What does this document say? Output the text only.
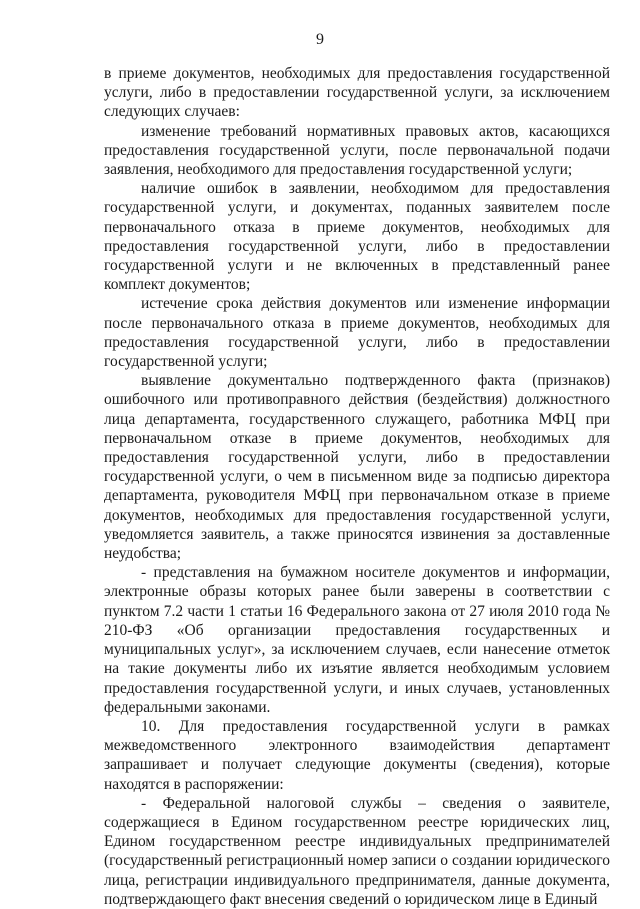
9

в приеме документов, необходимых для предоставления государственной услуги, либо в предоставлении государственной услуги, за исключением следующих случаев:

изменение требований нормативных правовых актов, касающихся предоставления государственной услуги, после первоначальной подачи заявления, необходимого для предоставления государственной услуги;

наличие ошибок в заявлении, необходимом для предоставления государственной услуги, и документах, поданных заявителем после первоначального отказа в приеме документов, необходимых для предоставления государственной услуги, либо в предоставлении государственной услуги и не включенных в представленный ранее комплект документов;

истечение срока действия документов или изменение информации после первоначального отказа в приеме документов, необходимых для предоставления государственной услуги, либо в предоставлении государственной услуги;

выявление документально подтвержденного факта (признаков) ошибочного или противоправного действия (бездействия) должностного лица департамента, государственного служащего, работника МФЦ при первоначальном отказе в приеме документов, необходимых для предоставления государственной услуги, либо в предоставлении государственной услуги, о чем в письменном виде за подписью директора департамента, руководителя МФЦ при первоначальном отказе в приеме документов, необходимых для предоставления государственной услуги, уведомляется заявитель, а также приносятся извинения за доставленные неудобства;

- представления на бумажном носителе документов и информации, электронные образы которых ранее были заверены в соответствии с пунктом 7.2 части 1 статьи 16 Федерального закона от 27 июля 2010 года № 210-ФЗ «Об организации предоставления государственных и муниципальных услуг», за исключением случаев, если нанесение отметок на такие документы либо их изъятие является необходимым условием предоставления государственной услуги, и иных случаев, установленных федеральными законами.

10. Для предоставления государственной услуги в рамках межведомственного электронного взаимодействия департамент запрашивает и получает следующие документы (сведения), которые находятся в распоряжении:

- Федеральной налоговой службы – сведения о заявителе, содержащиеся в Едином государственном реестре юридических лиц, Едином государственном реестре индивидуальных предпринимателей (государственный регистрационный номер записи о создании юридического лица, регистрации индивидуального предпринимателя, данные документа, подтверждающего факт внесения сведений о юридическом лице в Единый
